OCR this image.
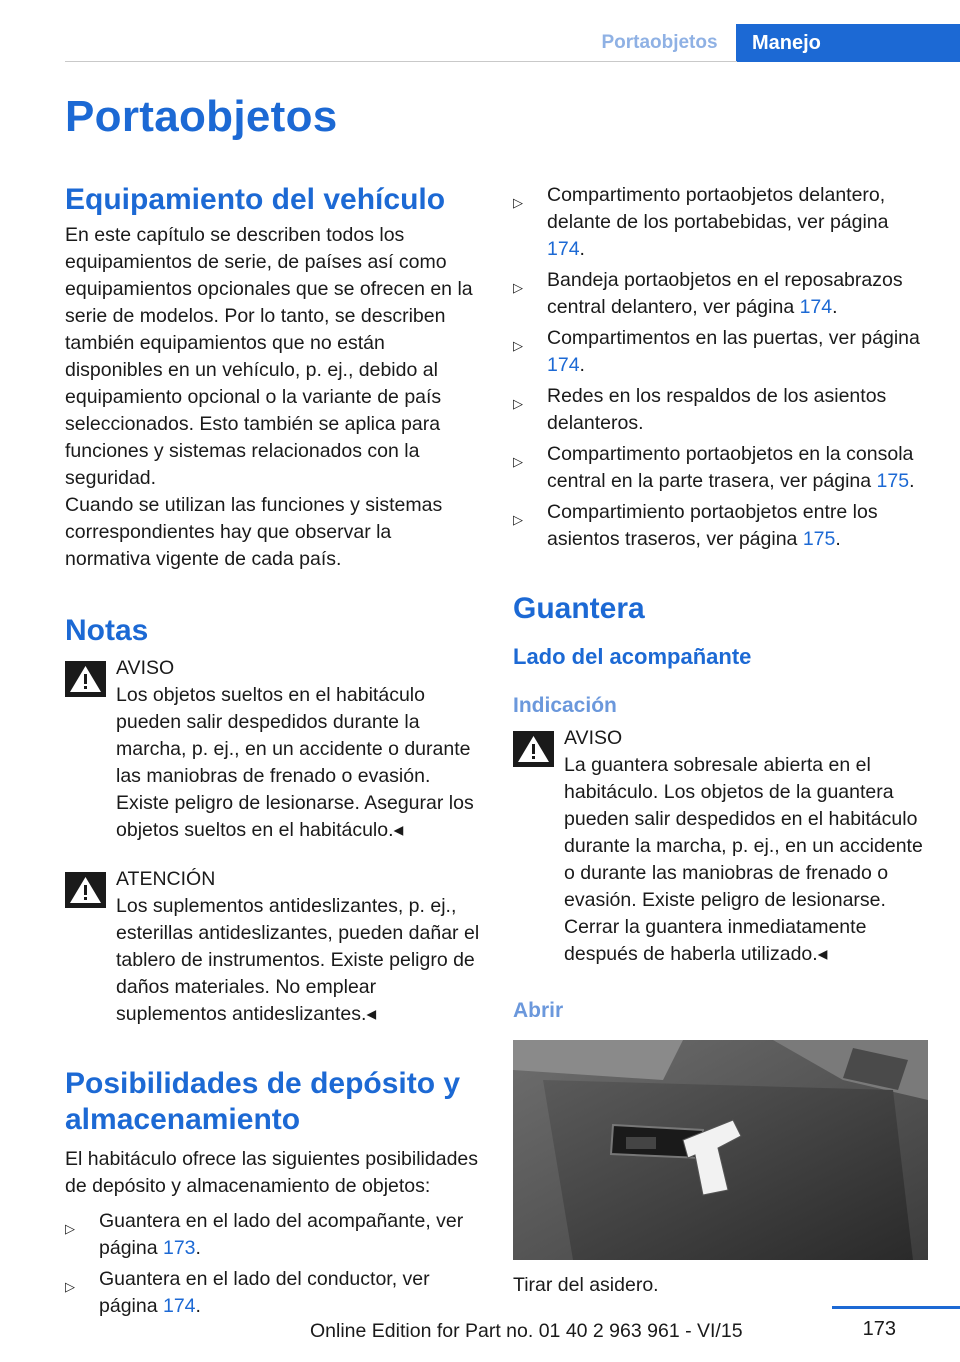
Portaobjetos	Manejo
Portaobjetos
Equipamiento del vehículo

En este capítulo se describen todos los equipamientos de serie, de países así como equipamientos opcionales que se ofrecen en la serie de modelos. Por lo tanto, se describen también equipamientos que no están disponibles en un vehículo, p. ej., debido al equipamiento opcional o la variante de país seleccionados. Esto también se aplica para funciones y sistemas relacionados con la seguridad.

Cuando se utilizan las funciones y sistemas correspondientes hay que observar la normativa vigente de cada país.

Notas
AVISO
Los objetos sueltos en el habitáculo pueden salir despedidos durante la marcha, p. ej., en un accidente o durante las maniobras de frenado o evasión. Existe peligro de lesionarse. Asegurar los objetos sueltos en el habitáculo.◂
ATENCIÓN
Los suplementos antideslizantes, p. ej., esterillas antideslizantes, pueden dañar el tablero de instrumentos. Existe peligro de daños materiales. No emplear suplementos antideslizantes.◂
Posibilidades de depósito y almacenamiento

El habitáculo ofrece las siguientes posibilidades de depósito y almacenamiento de objetos:

▷ Guantera en el lado del acompañante, ver página 173.
▷ Guantera en el lado del conductor, ver página 174.
▷ Compartimento portaobjetos delantero, delante de los portabebidas, ver página 174.
▷ Bandeja portaobjetos en el reposabrazos central delantero, ver página 174.
▷ Compartimentos en las puertas, ver página 174.
▷ Redes en los respaldos de los asientos delanteros.
▷ Compartimento portaobjetos en la consola central en la parte trasera, ver página 175.
▷ Compartimiento portaobjetos entre los asientos traseros, ver página 175.
Guantera
Lado del acompañante
Indicación
AVISO
La guantera sobresale abierta en el habitáculo. Los objetos de la guantera pueden salir despedidos en el habitáculo durante la marcha, p. ej., en un accidente o durante las maniobras de frenado o evasión. Existe peligro de lesionarse. Cerrar la guantera inmediatamente después de haberla utilizado.◂
Abrir

Tirar del asidero.

173
Online Edition for Part no. 01 40 2 963 961 - VI/15
